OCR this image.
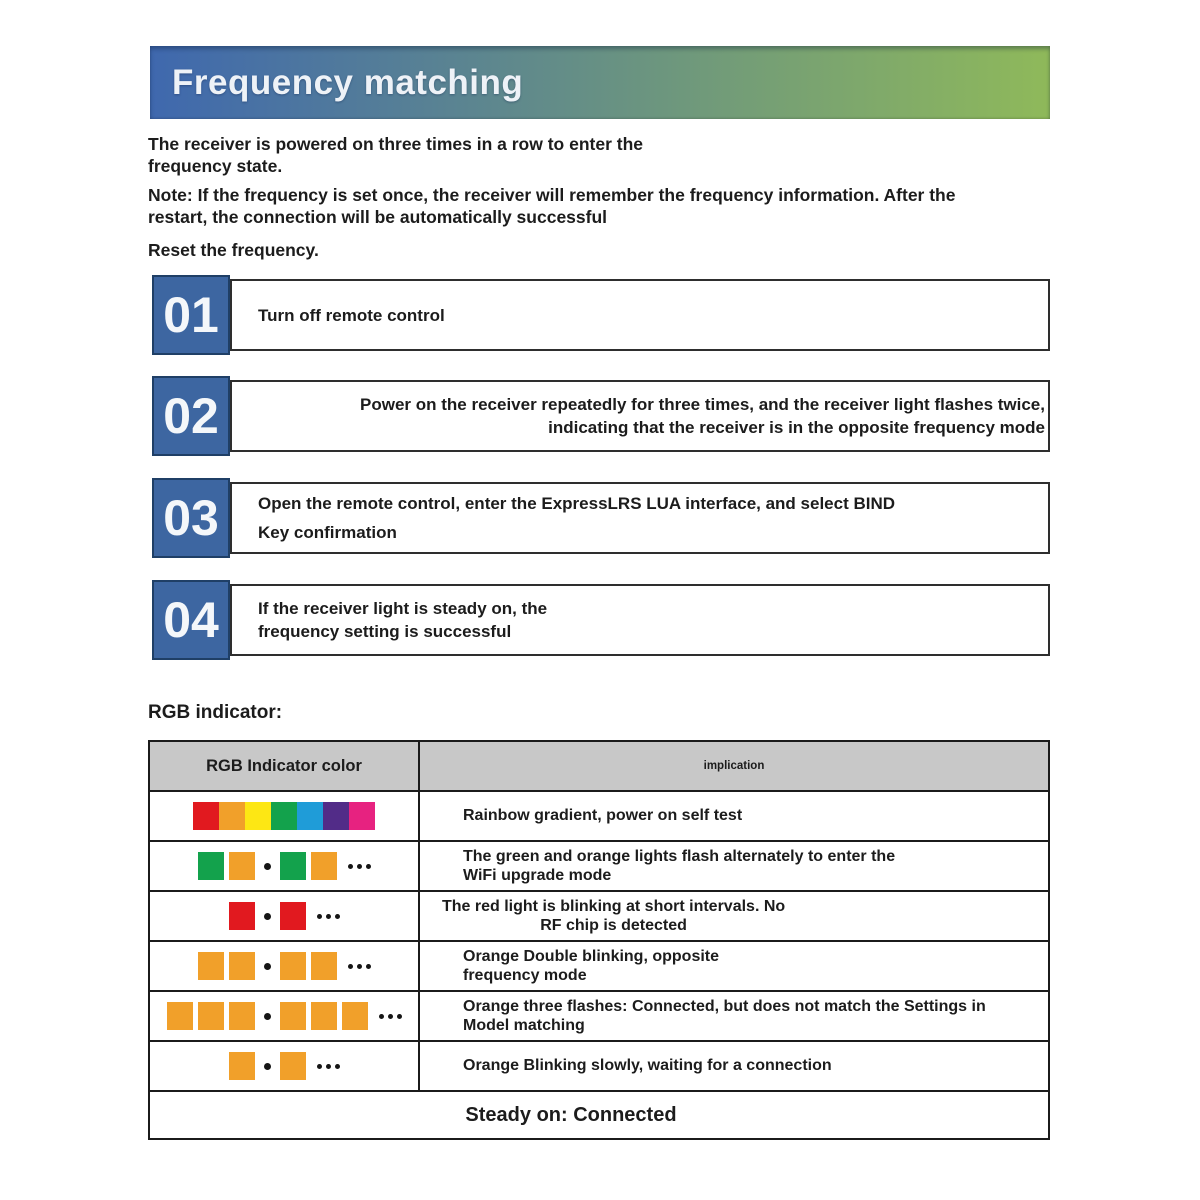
Frequency matching

The receiver is powered on three times in a row to enter the
frequency state.

Note: If the frequency is set once, the receiver will remember the frequency information. After the
restart, the connection will be automatically successful

Reset the frequency.

01	Turn off remote control
02	Power on the receiver repeatedly for three times, and the receiver light flashes twice,
indicating that the receiver is in the opposite frequency mode
03	Open the remote control, enter the ExpressLRS LUA interface, and select BIND
Key confirmation
04	If the receiver light is steady on, the
frequency setting is successful
RGB indicator:
RGB Indicator color	implication
Rainbow gradient, power on self test
The green and orange lights flash alternately to enter the
WiFi upgrade mode
The red light is blinking at short intervals. No
RF chip is detected
Orange Double blinking, opposite
frequency mode
Orange three flashes: Connected, but does not match the Settings in
Model matching
Orange Blinking slowly, waiting for a connection
Steady on: Connected
